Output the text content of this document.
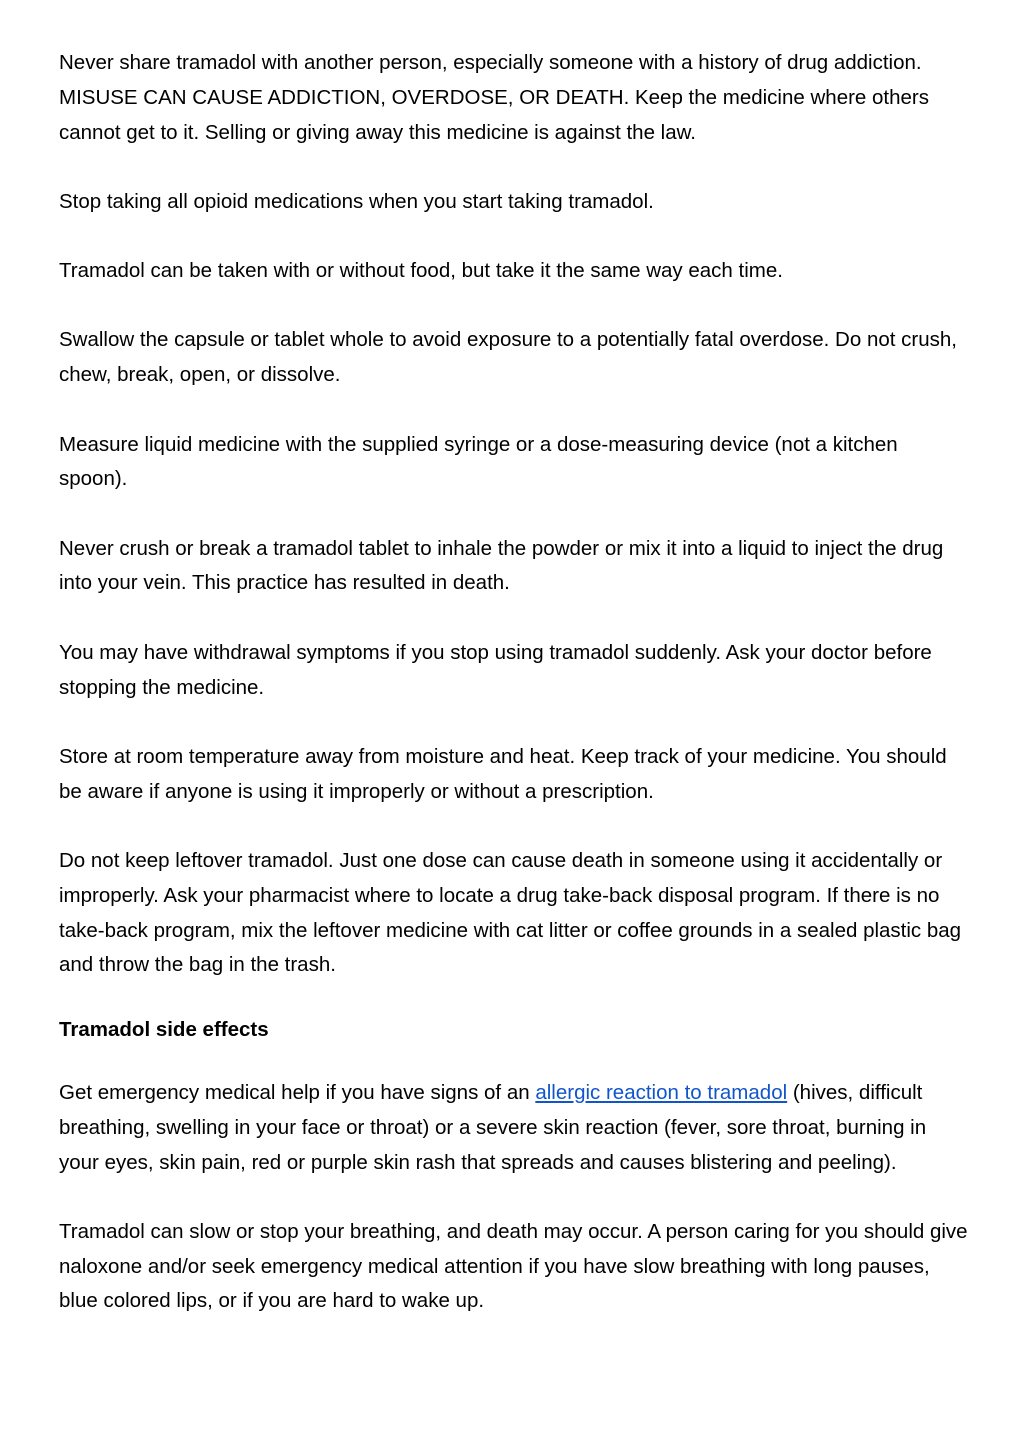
Never share tramadol with another person, especially someone with a history of drug addiction. MISUSE CAN CAUSE ADDICTION, OVERDOSE, OR DEATH. Keep the medicine where others cannot get to it. Selling or giving away this medicine is against the law.

Stop taking all opioid medications when you start taking tramadol.

Tramadol can be taken with or without food, but take it the same way each time.

Swallow the capsule or tablet whole to avoid exposure to a potentially fatal overdose. Do not crush, chew, break, open, or dissolve.

Measure liquid medicine with the supplied syringe or a dose-measuring device (not a kitchen spoon).

Never crush or break a tramadol tablet to inhale the powder or mix it into a liquid to inject the drug into your vein. This practice has resulted in death.

You may have withdrawal symptoms if you stop using tramadol suddenly. Ask your doctor before stopping the medicine.

Store at room temperature away from moisture and heat. Keep track of your medicine. You should be aware if anyone is using it improperly or without a prescription.

Do not keep leftover tramadol. Just one dose can cause death in someone using it accidentally or improperly. Ask your pharmacist where to locate a drug take-back disposal program. If there is no take-back program, mix the leftover medicine with cat litter or coffee grounds in a sealed plastic bag and throw the bag in the trash.

Tramadol side effects

Get emergency medical help if you have signs of an allergic reaction to tramadol (hives, difficult breathing, swelling in your face or throat) or a severe skin reaction (fever, sore throat, burning in your eyes, skin pain, red or purple skin rash that spreads and causes blistering and peeling).

Tramadol can slow or stop your breathing, and death may occur. A person caring for you should give naloxone and/or seek emergency medical attention if you have slow breathing with long pauses, blue colored lips, or if you are hard to wake up.
